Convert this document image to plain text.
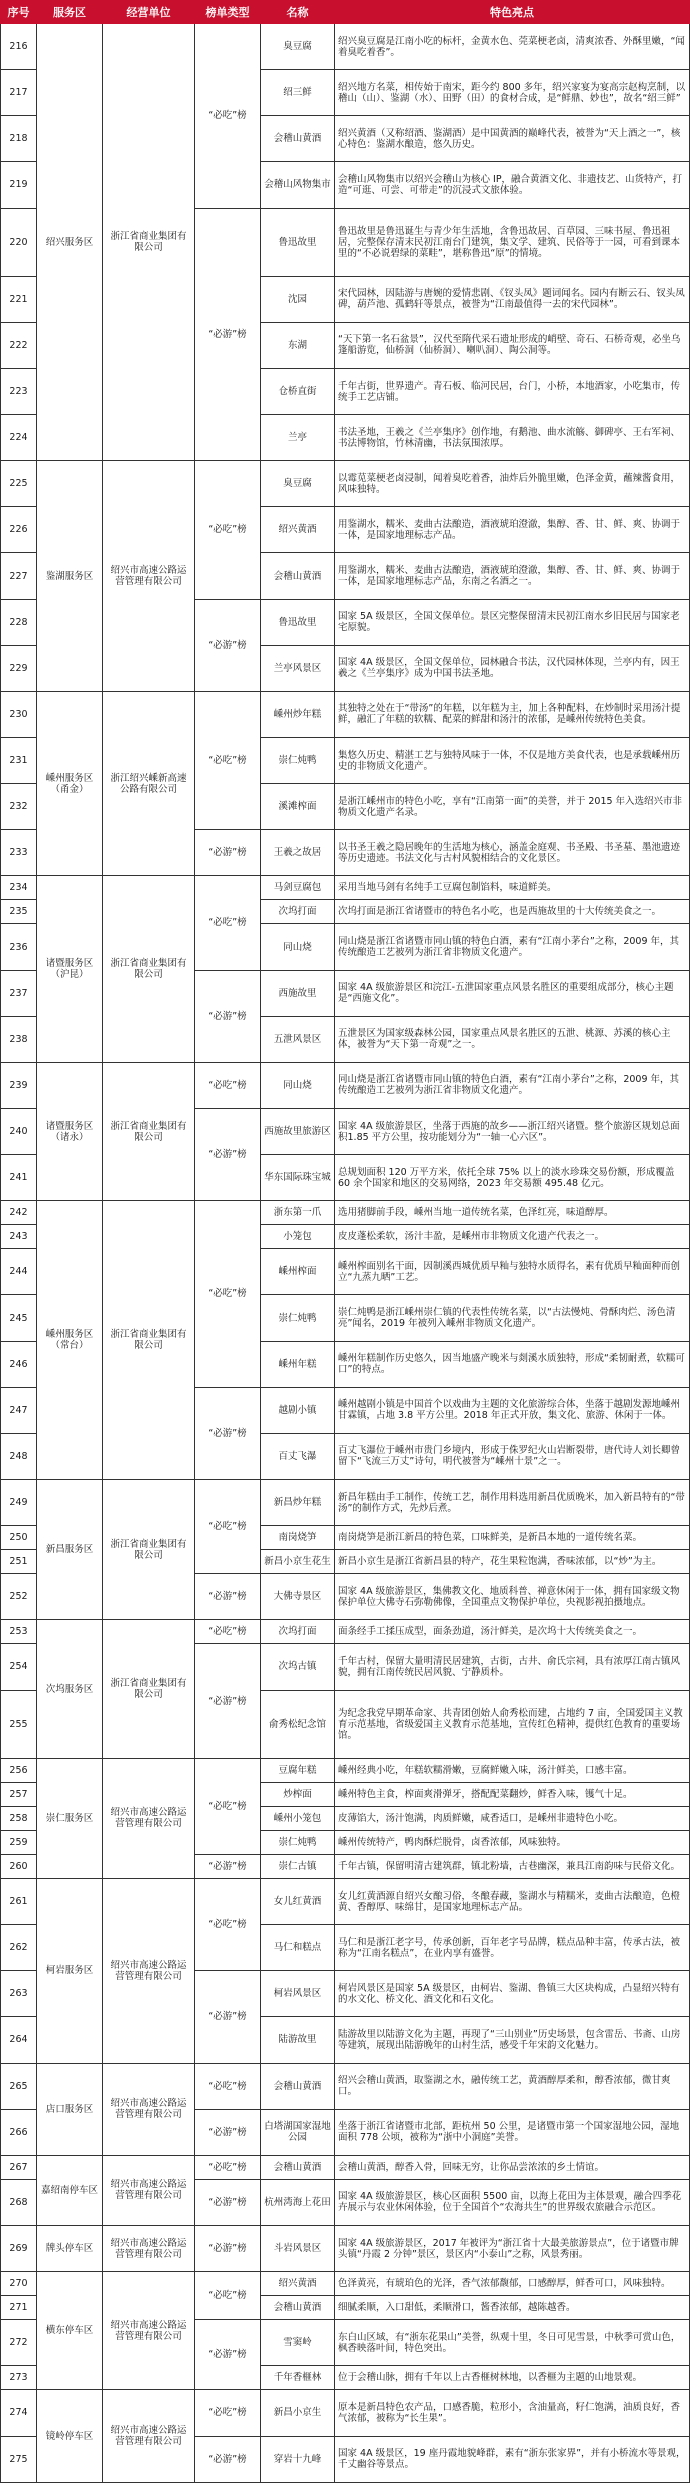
序号	服务区	经营单位	榜单类型	名称	特色亮点
216	绍兴服务区	浙江省商业集团有限公司	“必吃”榜	臭豆腐	绍兴臭豆腐是江南小吃的标杆，金黄水色、莞菜梗老卤，清爽浓香、外酥里嫩，“闻着臭吃着香”。
217				绍三鲜	绍兴地方名菜，相传始于南宋，距今约 800 多年，绍兴家宴为宴高宗赵构烹制，以稽山（山）、鉴湖（水）、田野（田）的食材合成，是“鲜鼎、妙也”，故名“绍三鲜”
218				会稽山黄酒	绍兴黄酒（又称绍酒、鉴湖酒）是中国黄酒的巅峰代表，被誉为“天上酒之一”，核心特色：鉴湖水酿造，悠久历史。
219				会稽山风物集市	会稽山风物集市以绍兴会稽山为核心 IP，融合黄酒文化、非遗技艺、山货特产，打造“可逛、可尝、可带走”的沉浸式文旅体验。
220			“必游”榜	鲁迅故里	鲁迅故里是鲁迅诞生与青少年生活地，含鲁迅故居、百草园、三味书屋、鲁迅祖居，完整保存清末民初江南台门建筑，集文学、建筑、民俗等于一园，可看到课本里的“不必说碧绿的菜畦”，堪称鲁迅“原”的情境。
221				沈园	宋代园林，因陆游与唐婉的爱情悲剧、《钗头凤》题词闻名。园内有断云石、钗头凤碑，葫芦池、孤鹤轩等景点，被誉为“江南最值得一去的宋代园林”。
222				东湖	“天下第一名石盆景”，汉代至隋代采石遗址形成的峭壁、奇石、石桥奇观，必坐乌篷船游览，仙桥洞（仙桥洞）、喇叭洞）、陶公洞等。
223				仓桥直街	千年古街，世界遗产。青石板、临河民居，台门，小桥，本地酒家，小吃集市，传统手工艺店铺。
224				兰亭	书法圣地，王羲之《兰亭集序》创作地，有鹅池、曲水流觞、御碑亭、王右军祠、书法博物馆，竹林清幽，书法氛围浓厚。
225	鉴湖服务区	绍兴市高速公路运营管理有限公司	“必吃”榜	臭豆腐	以霉苋菜梗老卤浸制，闻着臭吃着香，油炸后外脆里嫩，色泽金黄，蘸辣酱食用，风味独特。
226				绍兴黄酒	用鉴湖水，糯米、麦曲古法酿造，酒液琥珀澄澈，集醇、香、甘、鲜、爽、协调于一体，是国家地理标志产品。
227				会稽山黄酒	用鉴湖水，糯米、麦曲古法酿造，酒液琥珀澄澈，集醇、香、甘、鲜、爽、协调于一体，是国家地理标志产品，东南之名酒之一。
228			“必游”榜	鲁迅故里	国家 5A 级景区，全国文保单位。景区完整保留清末民初江南水乡旧民居与国家老宅原貌。
229				兰亭风景区	国家 4A 级景区，全国文保单位，园林融合书法，汉代园林体现，兰亭内有，因王羲之《兰亭集序》成为中国书法圣地。
230	嵊州服务区（甬金）	浙江绍兴嵊新高速公路有限公司	“必吃”榜	嵊州炒年糕	其独特之处在于“带汤”的年糕，以年糕为主，加上各种配料，在炒制时采用汤汁提鲜，融汇了年糕的软糯、配菜的鲜甜和汤汁的浓郁，是嵊州传统特色美食。
231				崇仁炖鸭	集悠久历史、精湛工艺与独特风味于一体，不仅是地方美食代表，也是承载嵊州历史的非物质文化遗产。
232				溪滩榨面	是浙江嵊州市的特色小吃，享有“江南第一面”的美誉，并于 2015 年入选绍兴市非物质文化遗产名录。
233			“必游”榜	王羲之故居	以书圣王羲之隐居晚年的生活地为核心，涵盖金庭观、书圣殿、书圣墓、墨池遗迹等历史遗迹。书法文化与古村风貌相结合的文化景区。
234	诸暨服务区（沪昆）	浙江省商业集团有限公司	“必吃”榜	马剑豆腐包	采用当地马剑有名纯手工豆腐包制馅料，味道鲜美。
235				次坞打面	次坞打面是浙江省诸暨市的特色名小吃，也是西施故里的十大传统美食之一。
236				同山烧	同山烧是浙江省诸暨市同山镇的特色白酒，素有“江南小茅台”之称，2009 年，其传统酿造工艺被列为浙江省非物质文化遗产。
237			“必游”榜	西施故里	国家 4A 级旅游景区和浣江-五泄国家重点风景名胜区的重要组成部分，核心主题是“西施文化”。
238				五泄风景区	五泄景区为国家级森林公园，国家重点风景名胜区的五泄、桃源、苏溪的核心主体，被誉为“天下第一奇观”之一。
239	诸暨服务区（诸永）	浙江省商业集团有限公司	“必吃”榜	同山烧	同山烧是浙江省诸暨市同山镇的特色白酒，素有“江南小茅台”之称，2009 年，其传统酿造工艺被列为浙江省非物质文化遗产。
240			“必游”榜	西施故里旅游区	国家 4A 级旅游景区，坐落于西施的故乡——浙江绍兴诸暨。整个旅游区规划总面积1.85 平方公里，按功能划分为“一轴一心六区”。
241				华东国际珠宝城	总规划面积 120 万平方米，依托全球 75% 以上的淡水珍珠交易份额，形成覆盖 60 余个国家和地区的交易网络，2023 年交易额 495.48 亿元。
242	嵊州服务区（常台）	浙江省商业集团有限公司	“必吃”榜	浙东第一爪	选用猪脚前手段，嵊州当地一道传统名菜，色泽红亮，味道醇厚。
243				小笼包	皮皮蓬松柔软，汤汁丰盈，是嵊州市非物质文化遗产代表之一。
244				嵊州榨面	嵊州榨面别名干面，因制溪西城优质早籼与独特水质得名，素有优质早籼面种而创立“九蒸九晒”工艺。
245				崇仁炖鸭	崇仁炖鸭是浙江嵊州崇仁镇的代表性传统名菜，以“古法慢炖、骨酥肉烂、汤色清亮”闻名，2019 年被列入嵊州非物质文化遗产。
246				嵊州年糕	嵊州年糕制作历史悠久，因当地盛产晚米与剡溪水质独特，形成“柔韧耐煮，软糯可口”的特点。
247			“必游”榜	越剧小镇	嵊州越剧小镇是中国首个以戏曲为主题的文化旅游综合体，坐落于越剧发源地嵊州甘霖镇，占地 3.8 平方公里。2018 年正式开放，集文化、旅游、休闲于一体。
248				百丈飞瀑	百丈飞瀑位于嵊州市贵门乡境内，形成于侏罗纪火山岩断裂带，唐代诗人刘长卿曾留下“飞流三万丈”诗句，明代被誉为“嵊州十景”之一。
249	新昌服务区	浙江省商业集团有限公司	“必吃”榜	新昌炒年糕	新昌年糕由手工制作，传统工艺，制作用料选用新昌优质晚米，加入新昌特有的“带汤”的制作方式，先炒后煮。
250				南岗烧笋	南岗烧笋是浙江新昌的特色菜，口味鲜美，是新昌本地的一道传统名菜。
251				新昌小京生花生	新昌小京生是浙江省新昌县的特产，花生果粒饱满，香味浓郁，以“炒”为主。
252			“必游”榜	大佛寺景区	国家 4A 级旅游景区，集佛教文化、地质科普、禅意休闲于一体，拥有国家级文物保护单位大佛寺石弥勒佛像，全国重点文物保护单位，央视影视拍摄地点。
253	次坞服务区	浙江省商业集团有限公司	“必吃”榜	次坞打面	面条经手工揉压成型，面条劲道，汤汁鲜美，是次坞十大传统美食之一。
254			“必游”榜	次坞古镇	千年古村，保留大量明清民居建筑，古街，古井、俞氏宗祠，具有浓厚江南古镇风貌，拥有江南传统民居风貌、宁静质朴。
255				俞秀松纪念馆	为纪念我党早期革命家、共青团创始人俞秀松而建，占地约 7 亩，全国爱国主义教育示范基地，省级爱国主义教育示范基地，宣传红色精神，提供红色教育的重要场馆。
256	崇仁服务区	绍兴市高速公路运营管理有限公司	“必吃”榜	豆腐年糕	嵊州经典小吃，年糕软糯滑嫩，豆腐鲜嫩入味，汤汁鲜美，口感丰富。
257				炒榨面	嵊州特色主食，榨面爽滑弹牙，搭配配菜翻炒，鲜香入味，镬气十足。
258				嵊州小笼包	皮薄馅大，汤汁饱满，肉质鲜嫩，咸香适口，是嵊州非遗特色小吃。
259				崇仁炖鸭	嵊州传统特产，鸭肉酥烂脱骨，卤香浓郁，风味独特。
260			“必游”榜	崇仁古镇	千年古镇，保留明清古建筑群，镇北粉墙，古巷幽深，兼具江南韵味与民俗文化。
261	柯岩服务区	绍兴市高速公路运营管理有限公司	“必吃”榜	女儿红黄酒	女儿红黄酒源自绍兴女酿习俗，冬酿春藏，鉴湖水与精糯米，麦曲古法酿造，色橙黄、香醇厚、味绵甘，是国家地理标志产品。
262				马仁和糕点	马仁和是浙江老字号，传承创新，百年老字号品牌，糕点品种丰富，传承古法，被称为“江南名糕点”，在业内享有盛誉。
263			“必游”榜	柯岩风景区	柯岩风景区是国家 5A 级景区，由柯岩、鉴湖、鲁镇三大区块构成，凸显绍兴特有的水文化、桥文化、酒文化和石文化。
264				陆游故里	陆游故里以陆游文化为主题，再现了“三山别业”历史场景，包含雷岳、书斋、山房等建筑，展现出陆游晚年的山村生活，感受千年宋韵文化魅力。
265	店口服务区	绍兴市高速公路运营管理有限公司	“必吃”榜	会稽山黄酒	绍兴会稽山黄酒，取鉴湖之水，融传统工艺，黄酒醇厚柔和，醇香浓郁，微甘爽口。
266			“必游”榜	白塔湖国家湿地公园	坐落于浙江省诸暨市北部，距杭州 50 公里，是诸暨市第一个国家湿地公园，湿地面积 778 公顷，被称为“浙中小洞庭”美誉。
267	嘉绍南停车区	绍兴市高速公路运营管理有限公司	“必吃”榜	会稽山黄酒	会稽山黄酒，醇香入骨，回味无穷，让你品尝浓浓的乡土情谊。
268			“必游”榜	杭州湾海上花田	国家 4A 级旅游景区，核心区面积 5500 亩，以海上花田为主体景观，融合四季花卉展示与农业休闲体验，位于全国首个“农海共生”的世界级农旅融合示范区。
269	牌头停车区	绍兴市高速公路运营管理有限公司	“必游”榜	斗岩风景区	国家 4A 级旅游景区，2017 年被评为“浙江省十大最美旅游景点”，位于诸暨市牌头镇“丹霞 2 分钟”景区，景区内“小泰山”之称，风景秀丽。
270	横东停车区	绍兴市高速公路运营管理有限公司	“必吃”榜	绍兴黄酒	色泽黄亮，有琥珀色的光泽，香气浓郁馥郁，口感醇厚，鲜香可口，风味独特。
271				会稽山黄酒	细腻柔顺，入口甜低，柔顺滑口，酱香浓郁，越陈越香。
272			“必游”榜	雪窦岭	东白山区域，有“浙东花果山”美誉，纵观十里，冬日可见雪景，中秋季可赏山色，枫香映落叶间，特色突出。
273				千年香榧林	位于会稽山脉，拥有千年以上古香榧树林地，以香榧为主题的山地景观。
274	镜岭停车区	绍兴市高速公路运营管理有限公司	“必吃”榜	新昌小京生	原本是新昌特色农产品，口感香脆，粒形小，含油量高，籽仁饱满，油质良好，香气浓郁，被称为“长生果”。
275			“必游”榜	穿岩十九峰	国家 4A 级景区，19 座丹霞地貌峰群，素有“浙东张家界”，并有小桥流水等景观，千丈幽谷等景点。
